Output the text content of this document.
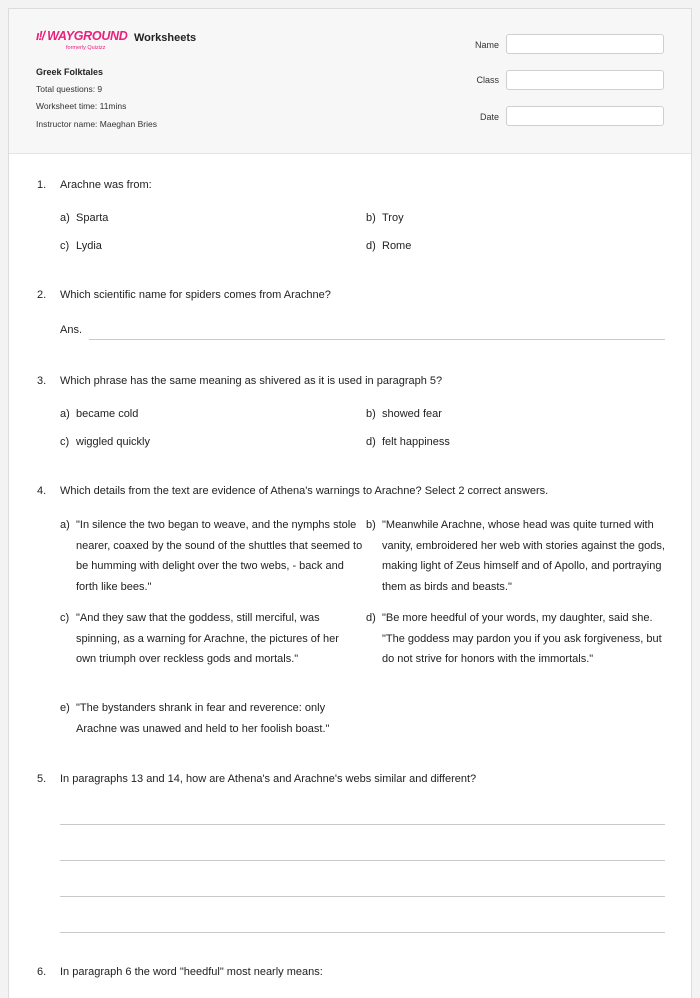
ı!/ WAYGROUND
formerly Quizizz
Worksheets
Greek Folktales
Total questions: 9
Worksheet time: 11mins
Instructor name: Maeghan Bries
Name
Class
Date
1. Arachne was from:
a) Sparta	b) Troy
c) Lydia	d) Rome
2. Which scientific name for spiders comes from Arachne?
Ans.
3. Which phrase has the same meaning as shivered as it is used in paragraph 5?
a) became cold	b) showed fear
c) wiggled quickly	d) felt happiness
4. Which details from the text are evidence of Athena's warnings to Arachne? Select 2 correct answers.
a) "In silence the two began to weave, and the nymphs stole nearer, coaxed by the sound of the shuttles that seemed to be humming with delight over the two webs, - back and forth like bees."
b) "Meanwhile Arachne, whose head was quite turned with vanity, embroidered her web with stories against the gods, making light of Zeus himself and of Apollo, and portraying them as birds and beasts."
c) "And they saw that the goddess, still merciful, was spinning, as a warning for Arachne, the pictures of her own triumph over reckless gods and mortals."
d) "Be more heedful of your words, my daughter, said she. "The goddess may pardon you if you ask forgiveness, but do not strive for honors with the immortals."
e) "The bystanders shrank in fear and reverence: only Arachne was unawed and held to her foolish boast."
5. In paragraphs 13 and 14, how are Athena's and Arachne's webs similar and different?
6. In paragraph 6 the word "heedful" most nearly means:
